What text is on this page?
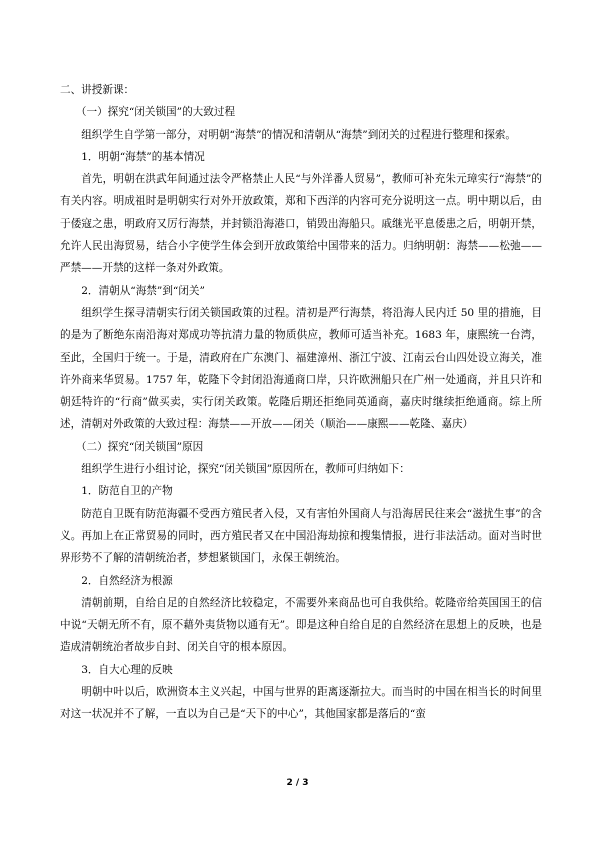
二、讲授新课：

（一）探究“闭关锁国”的大致过程

组织学生自学第一部分，对明朝“海禁”的情况和清朝从“海禁”到闭关的过程进行整理和探索。

1．明朝“海禁”的基本情况

首先，明朝在洪武年间通过法令严格禁止人民“与外洋番人贸易”，教师可补充朱元璋实行“海禁”的有关内容。明成祖时是明朝实行对外开放政策，郑和下西洋的内容可充分说明这一点。明中期以后，由于倭寇之患，明政府又厉行海禁，并封锁沿海港口，销毁出海船只。戚继光平息倭患之后，明朝开禁，允许人民出海贸易，结合小字使学生体会到开放政策给中国带来的活力。归纳明朝：海禁——松弛——严禁——开禁的这样一条对外政策。

2．清朝从“海禁”到“闭关”

组织学生探寻清朝实行闭关锁国政策的过程。清初是严行海禁，将沿海人民内迁 50 里的措施，目的是为了断绝东南沿海对郑成功等抗清力量的物质供应，教师可适当补充。1683 年，康熙统一台湾，至此，全国归于统一。于是，清政府在广东澳门、福建漳州、浙江宁波、江南云台山四处设立海关，准许外商来华贸易。1757 年，乾隆下令封闭沿海通商口岸，只许欧洲船只在广州一处通商，并且只许和朝廷特许的“行商”做买卖，实行闭关政策。乾隆后期还拒绝同英通商，嘉庆时继续拒绝通商。综上所述，清朝对外政策的大致过程：海禁——开放——闭关（顺治——康熙——乾隆、嘉庆）

（二）探究“闭关锁国”原因

组织学生进行小组讨论，探究“闭关锁国”原因所在，教师可归纳如下：

1．防范自卫的产物

防范自卫既有防范海疆不受西方殖民者入侵，又有害怕外国商人与沿海居民往来会“滋扰生事”的含义。再加上在正常贸易的同时，西方殖民者又在中国沿海劫掠和搜集情报，进行非法活动。面对当时世界形势不了解的清朝统治者，梦想紧锁国门，永保王朝统治。

2．自然经济为根源

清朝前期，自给自足的自然经济比较稳定，不需要外来商品也可自我供给。乾隆帝给英国国王的信中说“天朝无所不有，原不藉外夷货物以通有无”。即是这种自给自足的自然经济在思想上的反映，也是造成清朝统治者故步自封、闭关自守的根本原因。

3．自大心理的反映

明朝中叶以后，欧洲资本主义兴起，中国与世界的距离逐渐拉大。而当时的中国在相当长的时间里对这一状况并不了解，一直以为自己是“天下的中心”，其他国家都是落后的“蛮

2 / 3
